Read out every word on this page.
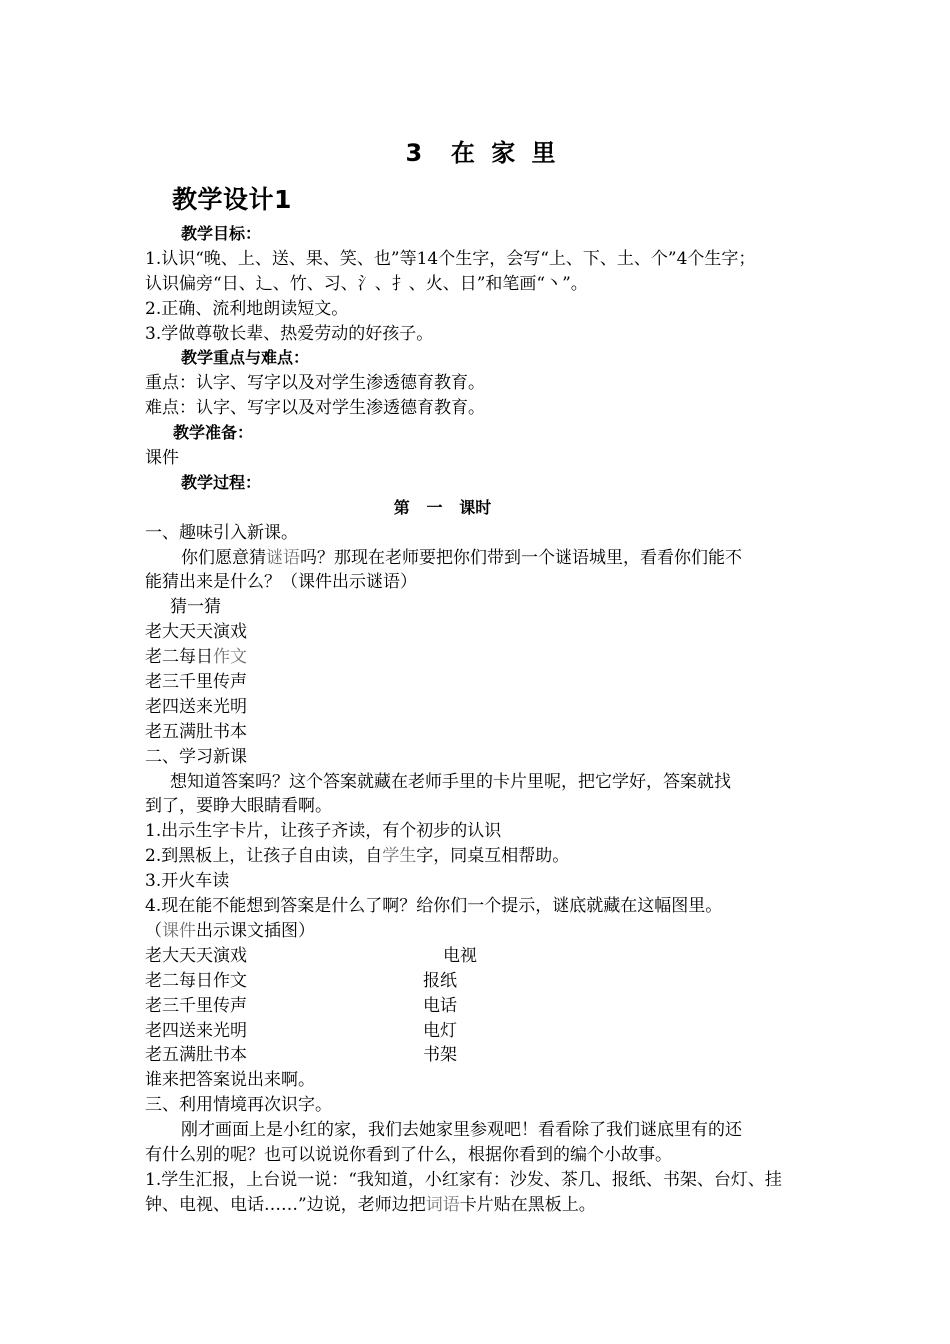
3  在 家 里
教学设计1
教学目标：
1.认识“晚、上、送、果、笑、也”等14个生字，会写“上、下、土、个”4个生字；
认识偏旁“日、辶、竹、习、氵、扌、火、日”和笔画“丶”。
2.正确、流利地朗读短文。
3.学做尊敬长辈、热爱劳动的好孩子。
教学重点与难点：
重点：认字、写字以及对学生渗透德育教育。
难点：认字、写字以及对学生渗透德育教育。
教学准备：
课件
教学过程：
第   一   课时
一、趣味引入新课。
你们愿意猜谜语吗？那现在老师要把你们带到一个谜语城里，看看你们能不
能猜出来是什么？（课件出示谜语）
猜一猜
老大天天演戏
老二每日作文
老三千里传声
老四送来光明
老五满肚书本
二、学习新课
想知道答案吗？这个答案就藏在老师手里的卡片里呢，把它学好，答案就找
到了，要睁大眼睛看啊。
1.出示生字卡片，让孩子齐读，有个初步的认识
2.到黑板上，让孩子自由读，自学生字，同桌互相帮助。
3.开火车读
4.现在能不能想到答案是什么了啊？给你们一个提示，谜底就藏在这幅图里。
（课件出示课文插图）
老大天天演戏	电视
老二每日作文	报纸
老三千里传声	电话
老四送来光明	电灯
老五满肚书本	书架
谁来把答案说出来啊。
三、利用情境再次识字。
刚才画面上是小红的家，我们去她家里参观吧！看看除了我们谜底里有的还
有什么别的呢？也可以说说你看到了什么，根据你看到的编个小故事。
1.学生汇报，上台说一说：“我知道，小红家有：沙发、茶几、报纸、书架、台灯、挂
钟、电视、电话……”边说，老师边把词语卡片贴在黑板上。
